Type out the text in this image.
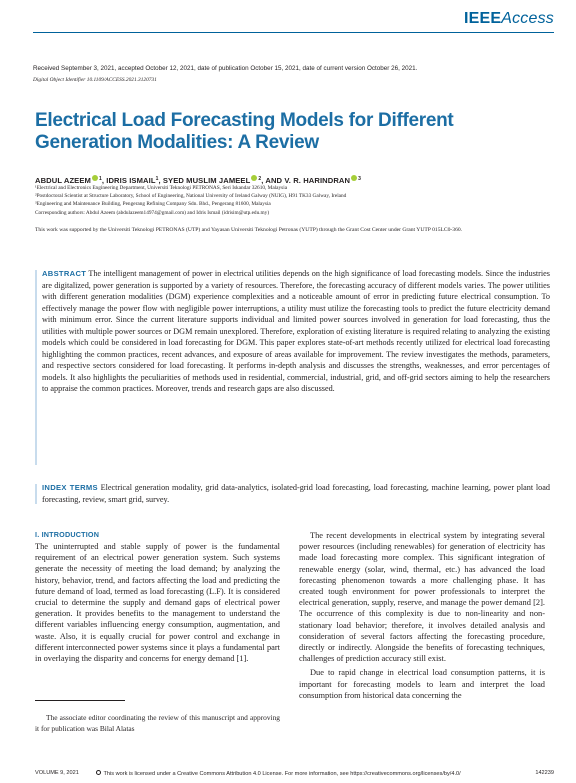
IEEEAccess
Received September 3, 2021, accepted October 12, 2021, date of publication October 15, 2021, date of current version October 26, 2021.
Digital Object Identifier 10.1109/ACCESS.2021.3120731
Electrical Load Forecasting Models for Different Generation Modalities: A Review
ABDUL AZEEM $^1$, IDRIS ISMAIL$^1$, SYED MUSLIM JAMEEL $^2$, AND V. R. HARINDRAN $^3$
¹Electrical and Electronics Engineering Department, Universiti Teknologi PETRONAS, Seri Iskandar 32610, Malaysia
²Postdoctoral Scientist at Structure Laboratory, School of Engineering, National University of Ireland Galway (NUIG), H91 TK33 Galway, Ireland
³Engineering and Maintenance Building, Pengerang Refining Company Sdn. Bhd., Pengerang 81600, Malaysia
Corresponding authors: Abdul Azeem (abdulazeem14974@gmail.com) and Idris Ismail (idrisim@utp.edu.my)
This work was supported by the Universiti Teknologi PETRONAS (UTP) and Yayasan Universiti Teknologi Petronas (YUTP) through the Grant Cost Center under Grant YUTP 015LC0-360.
ABSTRACT The intelligent management of power in electrical utilities depends on the high significance of load forecasting models. Since the industries are digitalized, power generation is supported by a variety of resources. Therefore, the forecasting accuracy of different models varies. The power utilities with different generation modalities (DGM) experience complexities and a noticeable amount of error in predicting future electrical consumption. To effectively manage the power flow with negligible power interruptions, a utility must utilize the forecasting tools to predict the future electricity demand with minimum error. Since the current literature supports individual and limited power sources involved in generation for load forecasting, thus the utilities with multiple power sources or DGM remain unexplored. Therefore, exploration of existing literature is required relating to analyzing the existing models which could be considered in load forecasting for DGM. This paper explores state-of-art methods recently utilized for electrical load forecasting highlighting the common practices, recent advances, and exposure of areas available for improvement. The review investigates the methods, parameters, and respective sectors considered for load forecasting. It performs in-depth analysis and discusses the strengths, weaknesses, and error percentages of models. It also highlights the peculiarities of methods used in residential, commercial, industrial, grid, and off-grid sectors aiming to help the researchers to appraise the common practices. Moreover, trends and research gaps are also discussed.
INDEX TERMS Electrical generation modality, grid data-analytics, isolated-grid load forecasting, load forecasting, machine learning, power plant load forecasting, review, smart grid, survey.
I. INTRODUCTION
The uninterrupted and stable supply of power is the fundamental requirement of an electrical power generation system. Such systems generate the necessity of meeting the load demand; by analyzing the history, behavior, trend, and factors affecting the load and predicting the future demand of load, termed as load forecasting (L.F). It is considered crucial to determine the supply and demand gaps of electrical power generation. It provides benefits to the management to understand the different variables influencing energy consumption, augmentation, and waste. Also, it is equally crucial for power control and exchange in different interconnected power systems since it plays a fundamental part in overlaying the disparity and concerns for energy demand [1].
The recent developments in electrical system by integrating several power resources (including renewables) for generation of electricity has made load forecasting more complex. This significant integration of renewable energy (solar, wind, thermal, etc.) has advanced the load forecasting phenomenon towards a more challenging phase. It has created tough environment for power professionals to interpret the electrical generation, supply, reserve, and manage the power demand [2]. The occurrence of this complexity is due to non-linearity and non-stationary load behavior; therefore, it involves detailed analysis and consideration of several factors affecting the forecasting procedure, directly or indirectly. Alongside the benefits of forecasting techniques, challenges of prediction accuracy still exist.
Due to rapid change in electrical load consumption patterns, it is important for forecasting models to learn and interpret the load consumption from historical data concerning the
The associate editor coordinating the review of this manuscript and approving it for publication was Bilal Alatas
VOLUME 9, 2021	This work is licensed under a Creative Commons Attribution 4.0 License. For more information, see https://creativecommons.org/licenses/by/4.0/	142239
